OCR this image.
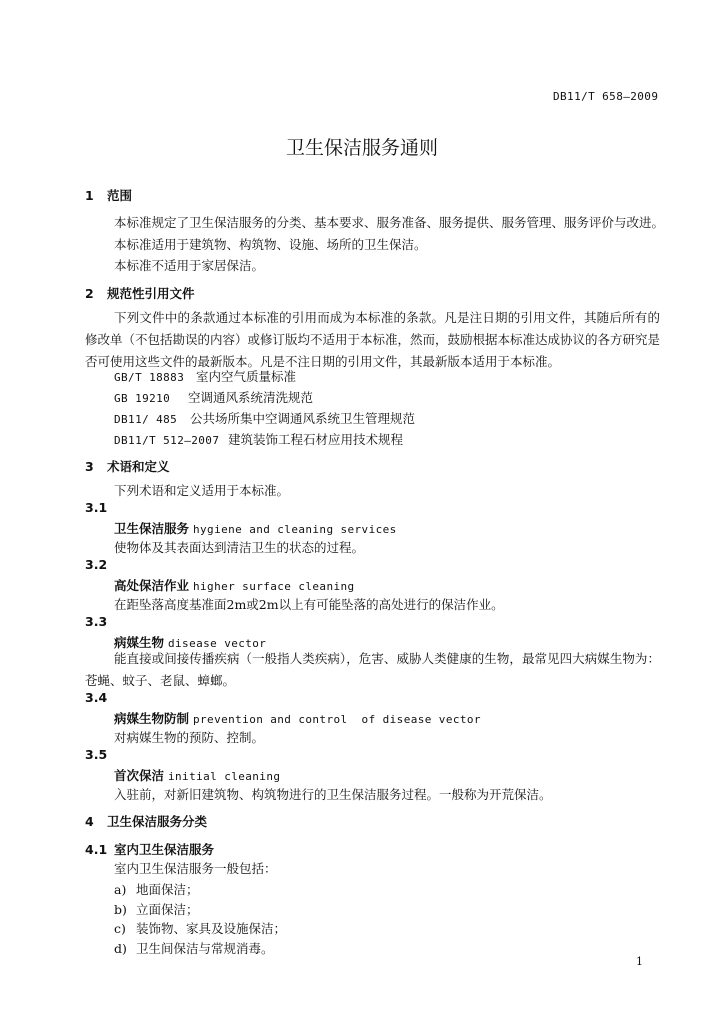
DB11/T 658—2009
卫生保洁服务通则
1 范围
本标准规定了卫生保洁服务的分类、基本要求、服务准备、服务提供、服务管理、服务评价与改进。
本标准适用于建筑物、构筑物、设施、场所的卫生保洁。
本标准不适用于家居保洁。
2 规范性引用文件
下列文件中的条款通过本标准的引用而成为本标准的条款。凡是注日期的引用文件，其随后所有的修改单（不包括勘误的内容）或修订版均不适用于本标准，然而，鼓励根据本标准达成协议的各方研究是否可使用这些文件的最新版本。凡是不注日期的引用文件，其最新版本适用于本标准。
GB/T 18883 室内空气质量标准
GB 19210 空调通风系统清洗规范
DB11/ 485 公共场所集中空调通风系统卫生管理规范
DB11/T 512—2007 建筑装饰工程石材应用技术规程
3 术语和定义
下列术语和定义适用于本标准。
3.1
卫生保洁服务 hygiene and cleaning services
使物体及其表面达到清洁卫生的状态的过程。
3.2
高处保洁作业 higher surface cleaning
在距坠落高度基准面2m或2m以上有可能坠落的高处进行的保洁作业。
3.3
病媒生物 disease vector
能直接或间接传播疾病（一般指人类疾病），危害、威胁人类健康的生物，最常见四大病媒生物为：苍蝇、蚊子、老鼠、蟑螂。
3.4
病媒生物防制 prevention and control  of disease vector
对病媒生物的预防、控制。
3.5
首次保洁 initial cleaning
入驻前，对新旧建筑物、构筑物进行的卫生保洁服务过程。一般称为开荒保洁。
4 卫生保洁服务分类
4.1 室内卫生保洁服务
室内卫生保洁服务一般包括：
a) 地面保洁；
b) 立面保洁；
c) 装饰物、家具及设施保洁；
d) 卫生间保洁与常规消毒。
1
